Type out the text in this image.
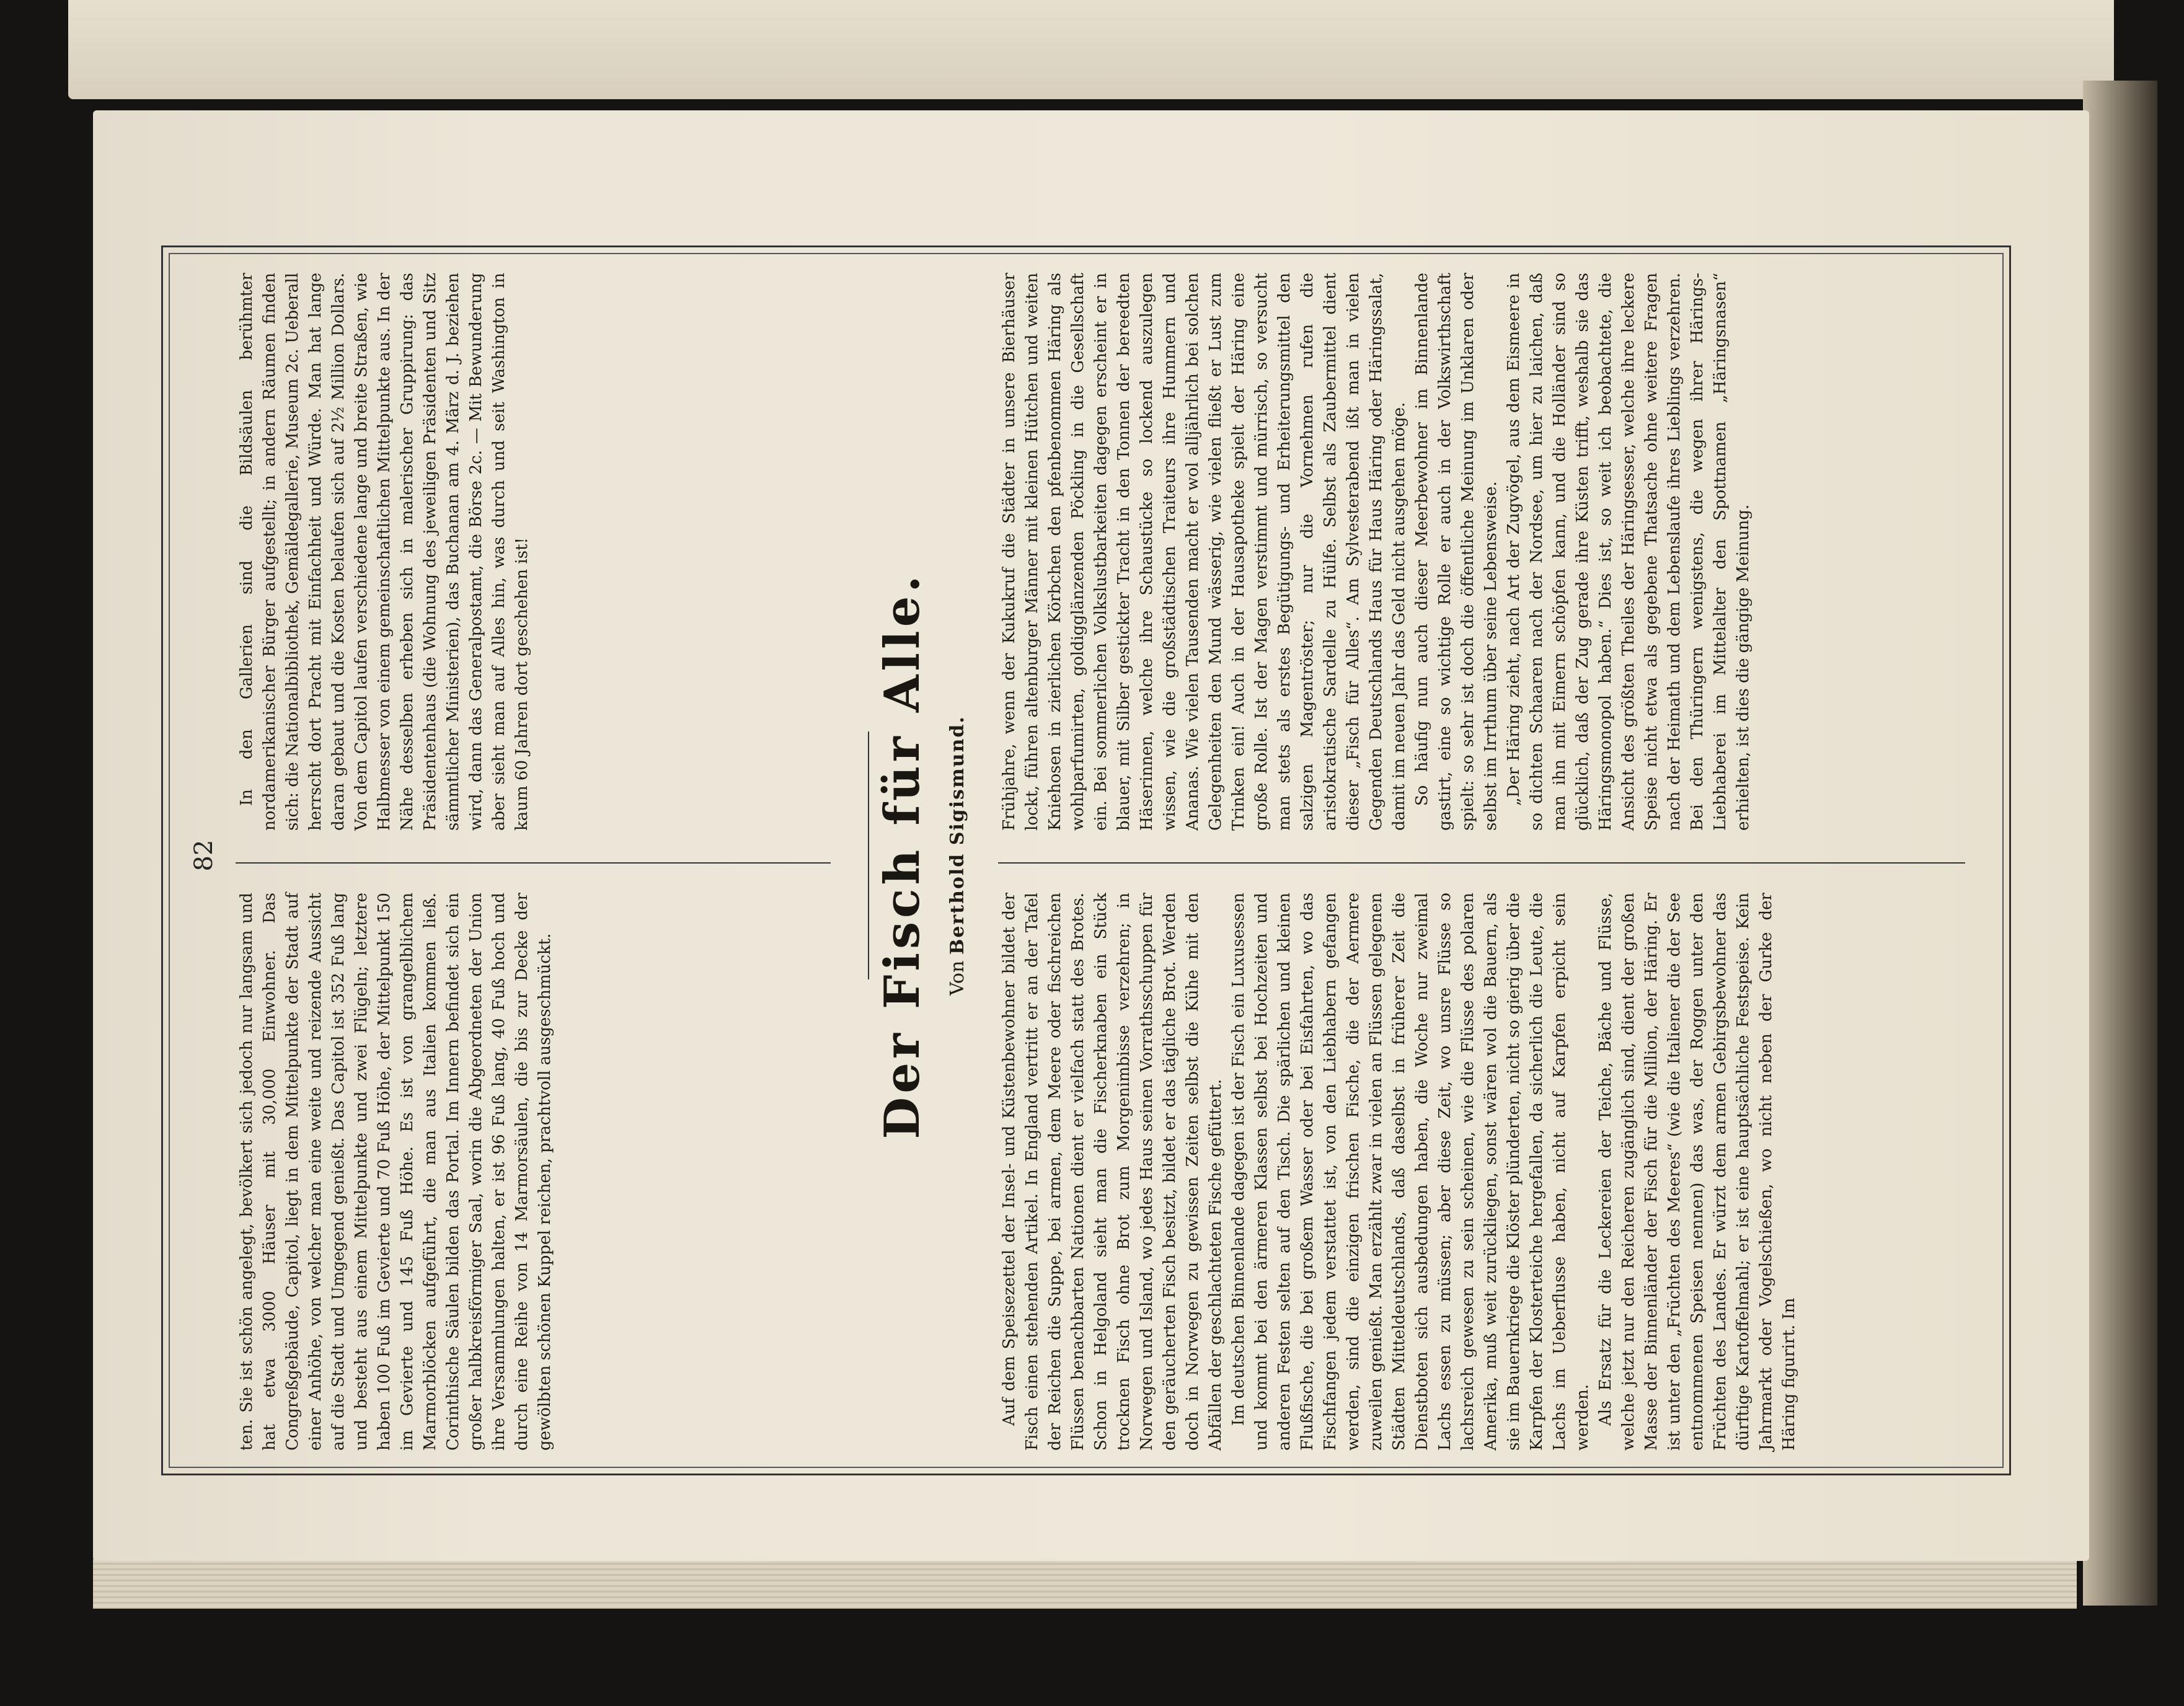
82

ten. Sie ist schön angelegt, bevölkert sich jedoch nur langsam und hat etwa 3000 Häuser mit 30,000 Einwohner. Das Congreßgebäude, Capitol, liegt in dem Mittelpunkte der Stadt auf einer Anhöhe, von welcher man eine weite und reizende Aussicht auf die Stadt und Umgegend genießt. Das Capitol ist 352 Fuß lang und besteht aus einem Mittelpunkte und zwei Flügeln; letztere haben 100 Fuß im Gevierte und 70 Fuß Höhe, der Mittelpunkt 150 im Gevierte und 145 Fuß Höhe. Es ist von grangelblichem Marmorblöcken aufgeführt, die man aus Italien kommen ließ. Corinthische Säulen bilden das Portal. Im Innern befindet sich ein großer halbkreisförmiger Saal, worin die Abgeordneten der Union ihre Versammlungen halten, er ist 96 Fuß lang, 40 Fuß hoch und durch eine Reihe von 14 Marmorsäulen, die bis zur Decke der gewölbten schönen Kuppel reichen, prachtvoll ausgeschmückt.

In den Gallerien sind die Bildsäulen berühmter nordamerikanischer Bürger aufgestellt; in andern Räumen finden sich: die Nationalbibliothek, Gemäldegallerie, Museum 2c. Ueberall herrscht dort Pracht mit Einfachheit und Würde. Man hat lange daran gebaut und die Kosten belaufen sich auf 2½ Million Dollars. Von dem Capitol laufen verschiedene lange und breite Straßen, wie Halbmesser von einem gemeinschaftlichen Mittelpunkte aus. In der Nähe desselben erheben sich in malerischer Gruppirung: das Präsidentenhaus (die Wohnung des jeweiligen Präsidenten und Sitz sämmtlicher Ministerien), das Buchanan am 4. März d. J. beziehen wird, dann das Generalpostamt, die Börse 2c. — Mit Bewunderung aber sieht man auf Alles hin, was durch und seit Washington in kaum 60 Jahren dort geschehen ist!	Der Fisch für Alle. Von Berthold Sigismund.

Auf dem Speisezettel der Insel- und Küstenbewohner bildet der Fisch einen stehenden Artikel. In England vertritt er an der Tafel der Reichen die Suppe, bei armen, dem Meere oder fischreichen Flüssen benachbarten Nationen dient er vielfach statt des Brotes. Schon in Helgoland sieht man die Fischerknaben ein Stück trocknen Fisch ohne Brot zum Morgenimbisse verzehren; in Norwegen und Island, wo jedes Haus seinen Vorrathsschuppen für den geräucherten Fisch besitzt, bildet er das tägliche Brot. Werden doch in Norwegen zu gewissen Zeiten selbst die Kühe mit den Abfällen der geschlachteten Fische gefüttert. Im deutschen Binnenlande dagegen ist der Fisch ein Luxusessen und kommt bei den ärmeren Klassen selbst bei Hochzeiten und anderen Festen selten auf den Tisch. Die spärlichen und kleinen Flußfische, die bei großem Wasser oder bei Eisfahrten, wo das Fischfangen jedem verstattet ist, von den Liebhabern gefangen werden, sind die einzigen frischen Fische, die der Aermere zuweilen genießt. Man erzählt zwar in vielen an Flüssen gelegenen Städten Mitteldeutschlands, daß daselbst in früherer Zeit die Dienstboten sich ausbedungen haben, die Woche nur zweimal Lachs essen zu müssen; aber diese Zeit, wo unsre Flüsse so lachsreich gewesen zu sein scheinen, wie die Flüsse des polaren Amerika, muß weit zurückliegen, sonst wären wol die Bauern, als sie im Bauernkriege die Klöster plünderten, nicht so gierig über die Karpfen der Klosterteiche hergefallen, da sicherlich die Leute, die Lachs im Ueberflusse haben, nicht auf Karpfen erpicht sein werden. Als Ersatz für die Leckereien der Teiche, Bäche und Flüsse, welche jetzt nur den Reicheren zugänglich sind, dient der großen Masse der Binnenländer der Fisch für die Million, der Häring. Er ist unter den „Früchten des Meeres“ (wie die Italiener die der See entnommenen Speisen nennen) das was, der Roggen unter den Früchten des Landes. Er würzt dem armen Gebirgsbewohner das dürftige Kartoffelmahl; er ist eine hauptsächliche Festspeise. Kein Jahrmarkt oder Vogelschießen, wo nicht neben der Gurke der Häring figurirt. Im

Frühjahre, wenn der Kukukruf die Städter in unsere Bierhäuser lockt, führen altenburger Männer mit kleinen Hütchen und weiten Kniehosen in zierlichen Körbchen den pfenbenommen Häring als wohlparfumirten, goldigglänzenden Pöckling in die Gesellschaft ein. Bei sommerlichen Volkslustbarkeiten dagegen erscheint er in blauer, mit Silber gestickter Tracht in den Tonnen der bereedten Häserinnen, welche ihre Schaustücke so lockend auszulegen wissen, wie die großstädtischen Traiteurs ihre Hummern und Ananas. Wie vielen Tausenden macht er wol alljährlich bei solchen Gelegenheiten den Mund wässerig, wie vielen fließt er Lust zum Trinken ein! Auch in der Hausapotheke spielt der Häring eine große Rolle. Ist der Magen verstimmt und mürrisch, so versucht man stets als erstes Begütigungs- und Erheiterungsmittel den salzigen Magentröster; nur die Vornehmen rufen die aristokratische Sardelle zu Hülfe. Selbst als Zaubermittel dient dieser „Fisch für Alles“. Am Sylvesterabend ißt man in vielen Gegenden Deutschlands Haus für Haus Häring oder Häringssalat, damit im neuen Jahr das Geld nicht ausgehen möge. So häufig nun auch dieser Meerbewohner im Binnenlande gastirt, eine so wichtige Rolle er auch in der Volkswirthschaft spielt: so sehr ist doch die öffentliche Meinung im Unklaren oder selbst im Irrthum über seine Lebensweise. „Der Häring zieht, nach Art der Zugvögel, aus dem Eismeere in so dichten Schaaren nach der Nordsee, um hier zu laichen, daß man ihn mit Eimern schöpfen kann, und die Holländer sind so glücklich, daß der Zug gerade ihre Küsten trifft, weshalb sie das Häringsmonopol haben.“ Dies ist, so weit ich beobachtete, die Ansicht des größten Theiles der Häringsesser, welche ihre leckere Speise nicht etwa als gegebene Thatsache ohne weitere Fragen nach der Heimath und dem Lebenslaufe ihres Lieblings verzehren. Bei den Thüringern wenigstens, die wegen ihrer Härings-Liebhaberei im Mittelalter den Spottnamen „Häringsnasen“ erhielten, ist dies die gängige Meinung.
